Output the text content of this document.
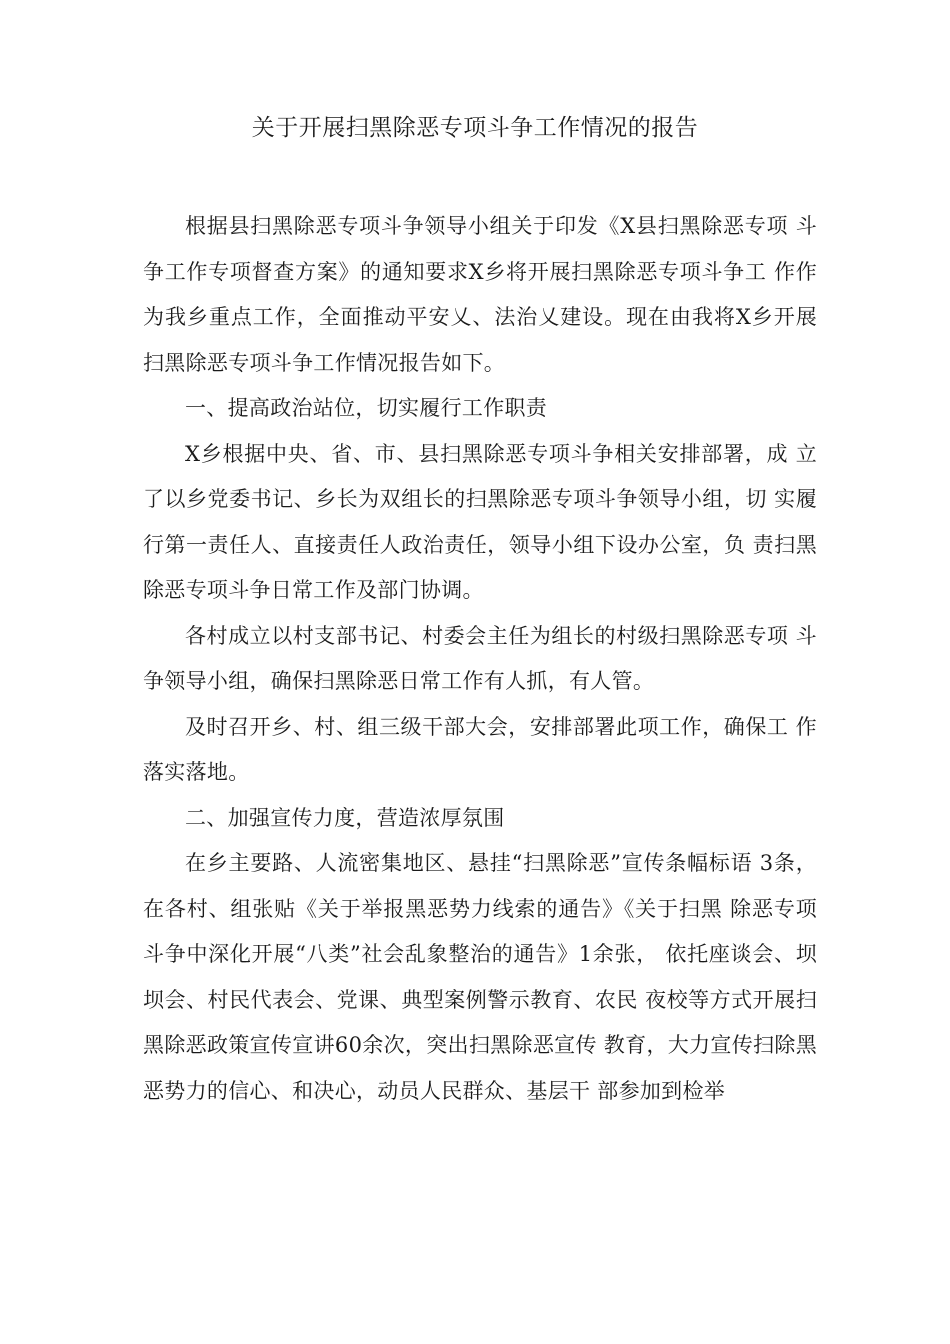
关于开展扫黑除恶专项斗争工作情况的报告

根据县扫黑除恶专项斗争领导小组关于印发《X县扫黑除恶专项 斗争工作专项督查方案》的通知要求X乡将开展扫黑除恶专项斗争工 作作为我乡重点工作，全面推动平安乂、法治乂建设。现在由我将X乡开展扫黑除恶专项斗争工作情况报告如下。

一、提高政治站位，切实履行工作职责

X乡根据中央、省、市、县扫黑除恶专项斗争相关安排部署，成 立了以乡党委书记、乡长为双组长的扫黑除恶专项斗争领导小组，切 实履行第一责任人、直接责任人政治责任，领导小组下设办公室，负 责扫黑除恶专项斗争日常工作及部门协调。

各村成立以村支部书记、村委会主任为组长的村级扫黑除恶专项 斗争领导小组，确保扫黑除恶日常工作有人抓，有人管。

及时召开乡、村、组三级干部大会，安排部署此项工作，确保工 作落实落地。

二、加强宣传力度，营造浓厚氛围

在乡主要路、人流密集地区、悬挂“扫黑除恶”宣传条幅标语 3条，在各村、组张贴《关于举报黑恶势力线索的通告》《关于扫黑 除恶专项斗争中深化开展“八类”社会乱象整治的通告》1余张， 依托座谈会、坝坝会、村民代表会、党课、典型案例警示教育、农民 夜校等方式开展扫黑除恶政策宣传宣讲60余次，突出扫黑除恶宣传 教育，大力宣传扫除黑恶势力的信心、和决心，动员人民群众、基层干 部参加到检举
